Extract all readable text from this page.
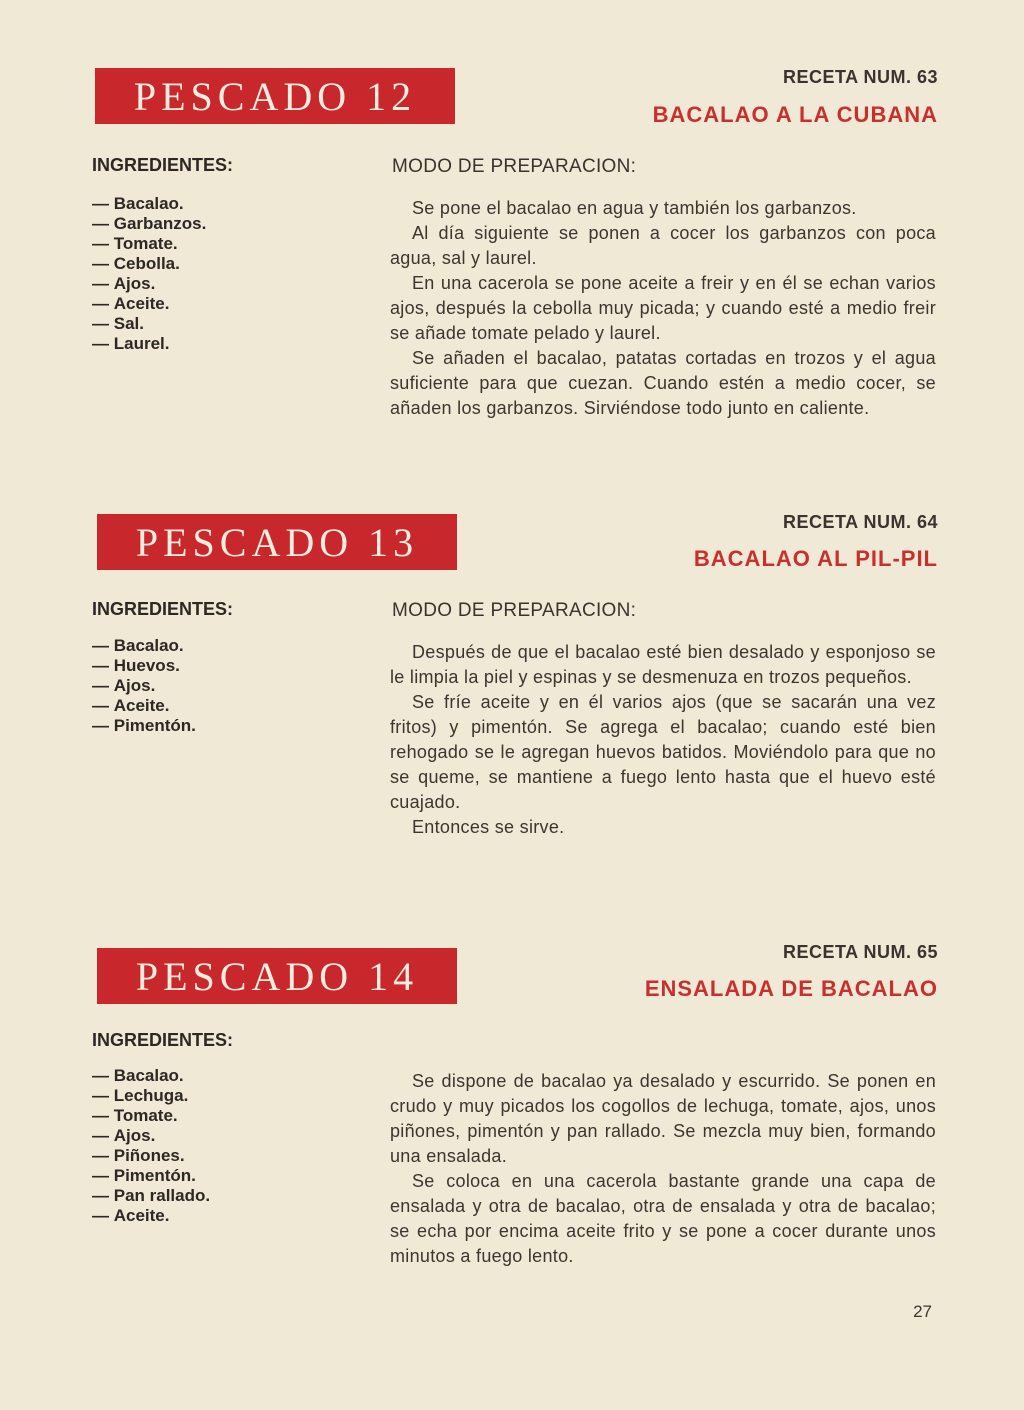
PESCADO 12	RECETA NUM. 63
BACALAO A LA CUBANA
INGREDIENTES:	MODO DE PREPARACION:
— Bacalao.
— Garbanzos.
— Tomate.
— Cebolla.
— Ajos.
— Aceite.
— Sal.
— Laurel.

Se pone el bacalao en agua y también los garbanzos.

Al día siguiente se ponen a cocer los garbanzos con poca agua, sal y laurel.

En una cacerola se pone aceite a freir y en él se echan varios ajos, después la cebolla muy picada; y cuando esté a medio freir se añade tomate pelado y laurel.

Se añaden el bacalao, patatas cortadas en trozos y el agua suficiente para que cuezan. Cuando estén a medio cocer, se añaden los garbanzos. Sirviéndose todo junto en caliente.

PESCADO 13	RECETA NUM. 64
BACALAO AL PIL-PIL
INGREDIENTES:	MODO DE PREPARACION:
— Bacalao.
— Huevos.
— Ajos.
— Aceite.
— Pimentón.

Después de que el bacalao esté bien desalado y esponjoso se le limpia la piel y espinas y se desmenuza en trozos pequeños.

Se fríe aceite y en él varios ajos (que se sacarán una vez fritos) y pimentón. Se agrega el bacalao; cuando esté bien rehogado se le agregan huevos batidos. Moviéndolo para que no se queme, se mantiene a fuego lento hasta que el huevo esté cuajado.

Entonces se sirve.

PESCADO 14
RECETA NUM. 65
ENSALADA DE BACALAO
INGREDIENTES:
— Bacalao.
— Lechuga.
— Tomate.
— Ajos.
— Piñones.
— Pimentón.
— Pan rallado.
— Aceite.

Se dispone de bacalao ya desalado y escurrido. Se ponen en crudo y muy picados los cogollos de lechuga, tomate, ajos, unos piñones, pimentón y pan rallado. Se mezcla muy bien, formando una ensalada.

Se coloca en una cacerola bastante grande una capa de ensalada y otra de bacalao, otra de ensalada y otra de bacalao; se echa por encima aceite frito y se pone a cocer durante unos minutos a fuego lento.

27
